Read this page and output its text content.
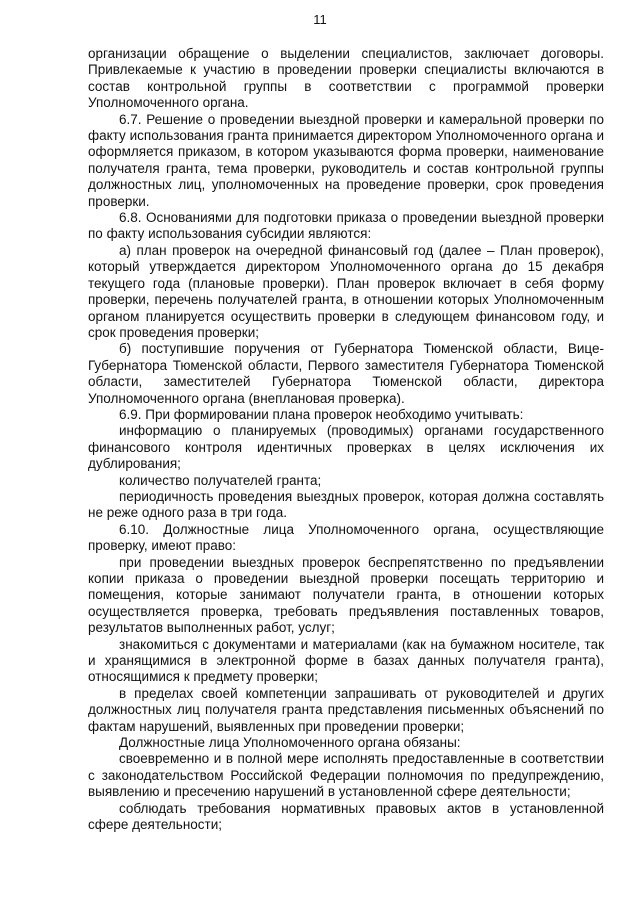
11

организации обращение о выделении специалистов, заключает договоры. Привлекаемые к участию в проведении проверки специалисты включаются в состав контрольной группы в соответствии с программой проверки Уполномоченного органа.

6.7. Решение о проведении выездной проверки и камеральной проверки по факту использования гранта принимается директором Уполномоченного органа и оформляется приказом, в котором указываются форма проверки, наименование получателя гранта, тема проверки, руководитель и состав контрольной группы должностных лиц, уполномоченных на проведение проверки, срок проведения проверки.

6.8. Основаниями для подготовки приказа о проведении выездной проверки по факту использования субсидии являются:

а) план проверок на очередной финансовый год (далее – План проверок), который утверждается директором Уполномоченного органа до 15 декабря текущего года (плановые проверки). План проверок включает в себя форму проверки, перечень получателей гранта, в отношении которых Уполномоченным органом планируется осуществить проверки в следующем финансовом году, и срок проведения проверки;

б) поступившие поручения от Губернатора Тюменской области, Вице-Губернатора Тюменской области, Первого заместителя Губернатора Тюменской области, заместителей Губернатора Тюменской области, директора Уполномоченного органа (внеплановая проверка).

6.9. При формировании плана проверок необходимо учитывать:

информацию о планируемых (проводимых) органами государственного финансового контроля идентичных проверках в целях исключения их дублирования;

количество получателей гранта;

периодичность проведения выездных проверок, которая должна составлять не реже одного раза в три года.

6.10. Должностные лица Уполномоченного органа, осуществляющие проверку, имеют право:

при проведении выездных проверок беспрепятственно по предъявлении копии приказа о проведении выездной проверки посещать территорию и помещения, которые занимают получатели гранта, в отношении которых осуществляется проверка, требовать предъявления поставленных товаров, результатов выполненных работ, услуг;

знакомиться с документами и материалами (как на бумажном носителе, так и хранящимися в электронной форме в базах данных получателя гранта), относящимися к предмету проверки;

в пределах своей компетенции запрашивать от руководителей и других должностных лиц получателя гранта представления письменных объяснений по фактам нарушений, выявленных при проведении проверки;

Должностные лица Уполномоченного органа обязаны:

своевременно и в полной мере исполнять предоставленные в соответствии с законодательством Российской Федерации полномочия по предупреждению, выявлению и пресечению нарушений в установленной сфере деятельности;

соблюдать требования нормативных правовых актов в установленной сфере деятельности;
